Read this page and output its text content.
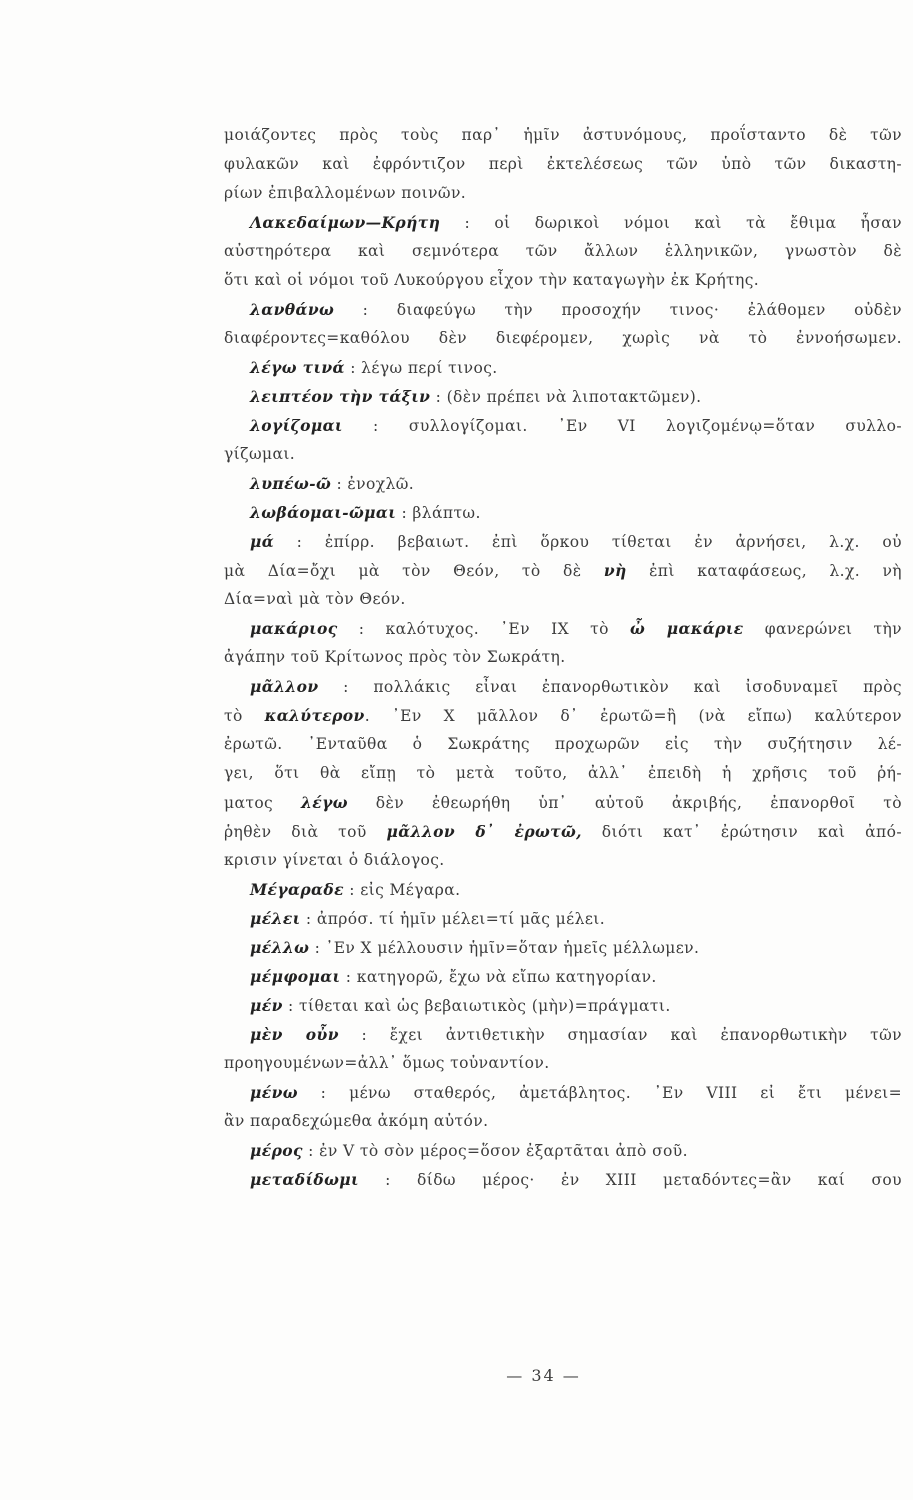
μοιάζοντες πρὸς τοὺς παρ᾽ ἡμῖν ἀστυνόμους, προΐσταντο δὲ τῶν
φυλακῶν καὶ ἐφρόντιζον περὶ ἐκτελέσεως τῶν ὑπὸ τῶν δικαστη-
ρίων ἐπιβαλλομένων ποινῶν.
Λακεδαίμων—Κρήτη : οἱ δωρικοὶ νόμοι καὶ τὰ ἔθιμα ἦσαν
αὐστηρότερα καὶ σεμνότερα τῶν ἄλλων ἑλληνικῶν, γνωστὸν δὲ
ὅτι καὶ οἱ νόμοι τοῦ Λυκούργου εἶχον τὴν καταγωγὴν ἐκ Κρήτης.
λανθάνω : διαφεύγω τὴν προσοχήν τινος· ἐλάθομεν οὐδὲν
διαφέροντες=καθόλου δὲν διεφέρομεν, χωρὶς νὰ τὸ ἐννοήσωμεν.
λέγω τινά : λέγω περί τινος.
λειπτέον τὴν τάξιν : (δὲν πρέπει νὰ λιποτακτῶμεν).
λογίζομαι : συλλογίζομαι. ᾽Εν VI λογιζομένῳ=ὅταν συλλο-
γίζωμαι.
λυπέω-ῶ : ἐνοχλῶ.
λωβάομαι-ῶμαι : βλάπτω.
μά : ἐπίρρ. βεβαιωτ. ἐπὶ ὅρκου τίθεται ἐν ἀρνήσει, λ.χ. οὐ
μὰ Δία=ὄχι μὰ τὸν Θεόν, τὸ δὲ νὴ ἐπὶ καταφάσεως, λ.χ. νὴ
Δία=ναὶ μὰ τὸν Θεόν.
μακάριος : καλότυχος. ᾽Εν IX τὸ ὦ μακάριε φανερώνει τὴν
ἀγάπην τοῦ Κρίτωνος πρὸς τὸν Σωκράτη.
μᾶλλον : πολλάκις εἶναι ἐπανορθωτικὸν καὶ ἰσοδυναμεῖ πρὸς
τὸ καλύτερον. ᾽Εν X μᾶλλον δ᾽ ἐρωτῶ=ἢ (νὰ εἴπω) καλύτερον
ἐρωτῶ. ᾽Ενταῦθα ὁ Σωκράτης προχωρῶν εἰς τὴν συζήτησιν λέ-
γει, ὅτι θὰ εἴπῃ τὸ μετὰ τοῦτο, ἀλλ᾽ ἐπειδὴ ἡ χρῆσις τοῦ ῥή-
ματος λέγω δὲν ἐθεωρήθη ὑπ᾽ αὐτοῦ ἀκριβής, ἐπανορθοῖ τὸ
ῥηθὲν διὰ τοῦ μᾶλλον δ᾽ ἐρωτῶ, διότι κατ᾽ ἐρώτησιν καὶ ἀπό-
κρισιν γίνεται ὁ διάλογος.
Μέγαραδε : εἰς Μέγαρα.
μέλει : ἀπρόσ. τί ἡμῖν μέλει=τί μᾶς μέλει.
μέλλω : ᾽Εν X μέλλουσιν ἡμῖν=ὅταν ἡμεῖς μέλλωμεν.
μέμφομαι : κατηγορῶ, ἔχω νὰ εἴπω κατηγορίαν.
μέν : τίθεται καὶ ὡς βεβαιωτικὸς (μὴν)=πράγματι.
μὲν οὖν : ἔχει ἀντιθετικὴν σημασίαν καὶ ἐπανορθωτικὴν τῶν
προηγουμένων=ἀλλ᾽ ὅμως τοὐναντίον.
μένω : μένω σταθερός, ἀμετάβλητος. ᾽Εν VIII εἰ ἔτι μένει=
ἂν παραδεχώμεθα ἀκόμη αὐτόν.
μέρος : ἐν V τὸ σὸν μέρος=ὅσον ἐξαρτᾶται ἀπὸ σοῦ.
μεταδίδωμι : δίδω μέρος· ἐν XIII μεταδόντες=ἂν καί σου
— 34 —
